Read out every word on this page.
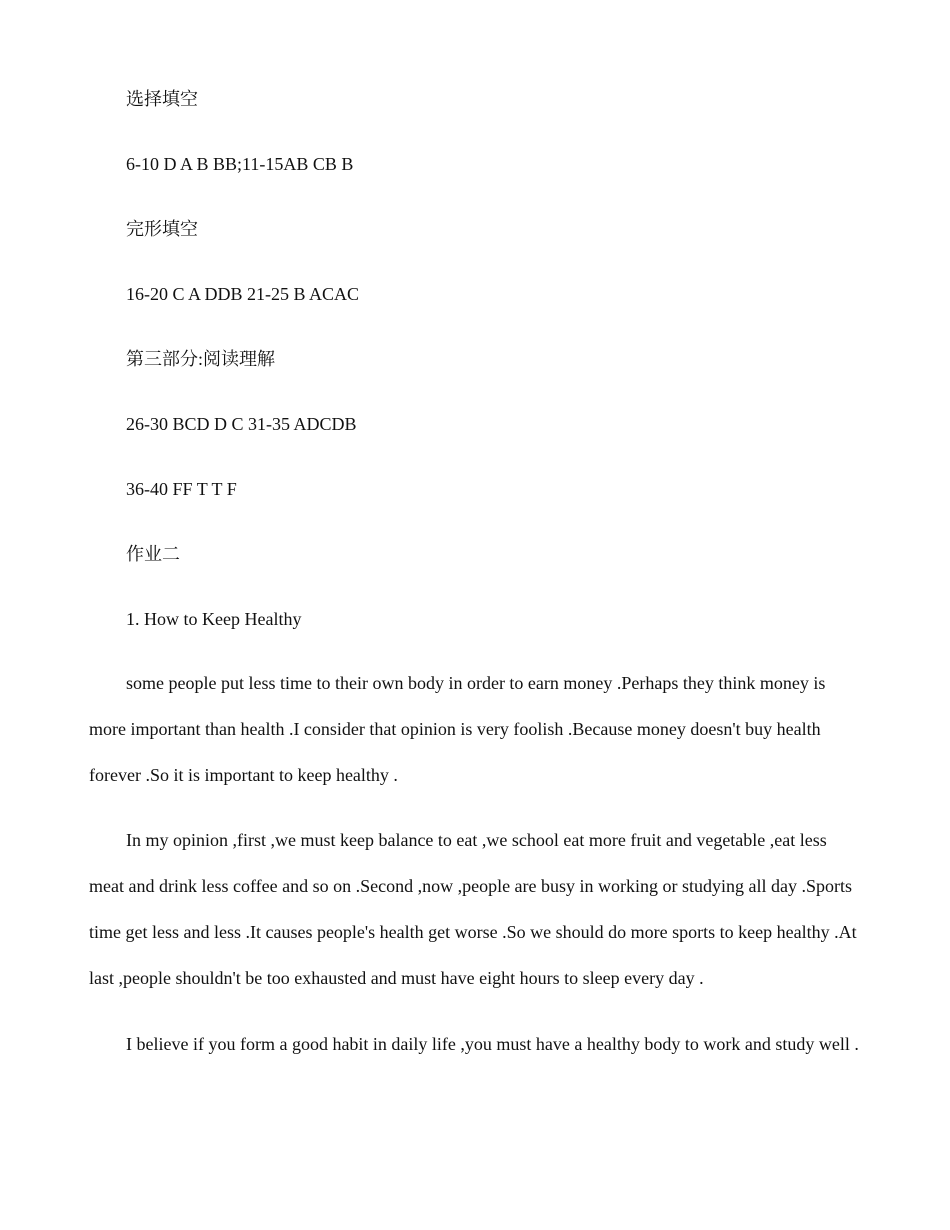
选择填空
6-10 D A B BB;11-15AB CB B
完形填空
16-20 C A DDB 21-25 B ACAC
第三部分:阅读理解
26-30 BCD D C 31-35 ADCDB
36-40 FF T T F
作业二
1. How to Keep Healthy

some people put less time to their own body in order to earn money .Perhaps they think money is more important than health .I consider that opinion is very foolish .Because money doesn't buy health forever .So it is important to keep healthy .

In my opinion ,first ,we must keep balance to eat ,we school eat more fruit and vegetable ,eat less meat and drink less coffee and so on .Second ,now ,people are busy in working or studying all day .Sports time get less and less .It causes people's health get worse .So we should do more sports to keep healthy .At last ,people shouldn't be too exhausted and must have eight hours to sleep every day .

I believe if you form a good habit in daily life ,you must have a healthy body to work and study well .
